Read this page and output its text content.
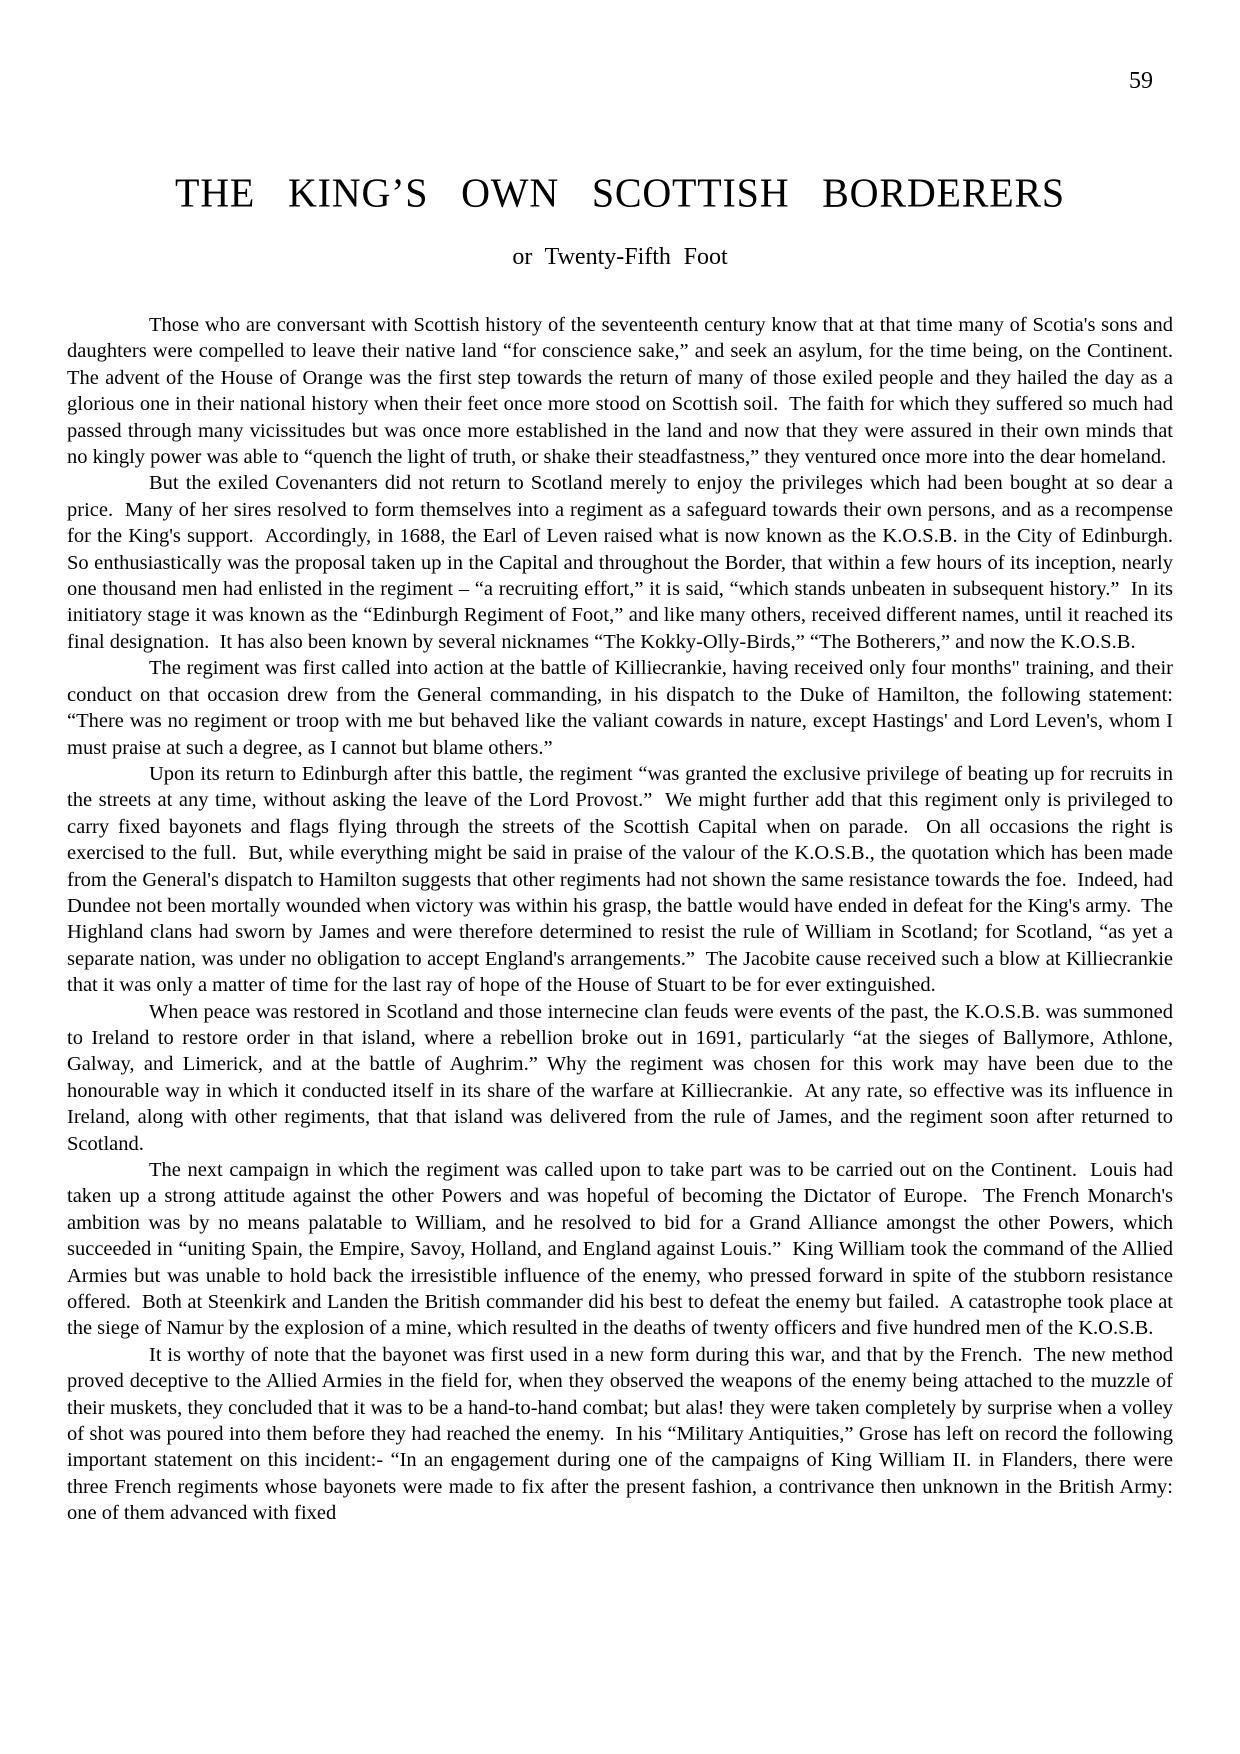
59
THE KING’S OWN SCOTTISH BORDERERS
or Twenty-Fifth Foot

Those who are conversant with Scottish history of the seventeenth century know that at that time many of Scotia's sons and daughters were compelled to leave their native land “for conscience sake,” and seek an asylum, for the time being, on the Continent.  The advent of the House of Orange was the first step towards the return of many of those exiled people and they hailed the day as a glorious one in their national history when their feet once more stood on Scottish soil.  The faith for which they suffered so much had passed through many vicissitudes but was once more established in the land and now that they were assured in their own minds that no kingly power was able to “quench the light of truth, or shake their steadfastness,” they ventured once more into the dear homeland.

But the exiled Covenanters did not return to Scotland merely to enjoy the privileges which had been bought at so dear a price.  Many of her sires resolved to form themselves into a regiment as a safeguard towards their own persons, and as a recompense for the King's support.  Accordingly, in 1688, the Earl of Leven raised what is now known as the K.O.S.B. in the City of Edinburgh.  So enthusiastically was the proposal taken up in the Capital and throughout the Border, that within a few hours of its inception, nearly one thousand men had enlisted in the regiment – “a recruiting effort,” it is said, “which stands unbeaten in subsequent history.”  In its initiatory stage it was known as the “Edinburgh Regiment of Foot,” and like many others, received different names, until it reached its final designation.  It has also been known by several nicknames “The Kokky-Olly-Birds,” “The Botherers,” and now the K.O.S.B.

The regiment was first called into action at the battle of Killiecrankie, having received only four months" training, and their conduct on that occasion drew from the General commanding, in his dispatch to the Duke of Hamilton, the following statement: “There was no regiment or troop with me but behaved like the valiant cowards in nature, except Hastings' and Lord Leven's, whom I must praise at such a degree, as I cannot but blame others.”

Upon its return to Edinburgh after this battle, the regiment “was granted the exclusive privilege of beating up for recruits in the streets at any time, without asking the leave of the Lord Provost.”  We might further add that this regiment only is privileged to carry fixed bayonets and flags flying through the streets of the Scottish Capital when on parade.  On all occasions the right is exercised to the full.  But, while everything might be said in praise of the valour of the K.O.S.B., the quotation which has been made from the General's dispatch to Hamilton suggests that other regiments had not shown the same resistance towards the foe.  Indeed, had Dundee not been mortally wounded when victory was within his grasp, the battle would have ended in defeat for the King's army.  The Highland clans had sworn by James and were therefore determined to resist the rule of William in Scotland; for Scotland, “as yet a separate nation, was under no obligation to accept England's arrangements.”  The Jacobite cause received such a blow at Killiecrankie that it was only a matter of time for the last ray of hope of the House of Stuart to be for ever extinguished.

When peace was restored in Scotland and those internecine clan feuds were events of the past, the K.O.S.B. was summoned to Ireland to restore order in that island, where a rebellion broke out in 1691, particularly “at the sieges of Ballymore, Athlone, Galway, and Limerick, and at the battle of Aughrim.” Why the regiment was chosen for this work may have been due to the honourable way in which it conducted itself in its share of the warfare at Killiecrankie.  At any rate, so effective was its influence in Ireland, along with other regiments, that that island was delivered from the rule of James, and the regiment soon after returned to Scotland.

The next campaign in which the regiment was called upon to take part was to be carried out on the Continent.  Louis had taken up a strong attitude against the other Powers and was hopeful of becoming the Dictator of Europe.  The French Monarch's ambition was by no means palatable to William, and he resolved to bid for a Grand Alliance amongst the other Powers, which succeeded in “uniting Spain, the Empire, Savoy, Holland, and England against Louis.”  King William took the command of the Allied Armies but was unable to hold back the irresistible influence of the enemy, who pressed forward in spite of the stubborn resistance offered.  Both at Steenkirk and Landen the British commander did his best to defeat the enemy but failed.  A catastrophe took place at the siege of Namur by the explosion of a mine, which resulted in the deaths of twenty officers and five hundred men of the K.O.S.B.

It is worthy of note that the bayonet was first used in a new form during this war, and that by the French.  The new method proved deceptive to the Allied Armies in the field for, when they observed the weapons of the enemy being attached to the muzzle of their muskets, they concluded that it was to be a hand-to-hand combat; but alas! they were taken completely by surprise when a volley of shot was poured into them before they had reached the enemy.  In his “Military Antiquities,” Grose has left on record the following important statement on this incident:- “In an engagement during one of the campaigns of King William II. in Flanders, there were three French regiments whose bayonets were made to fix after the present fashion, a contrivance then unknown in the British Army: one of them advanced with fixed
